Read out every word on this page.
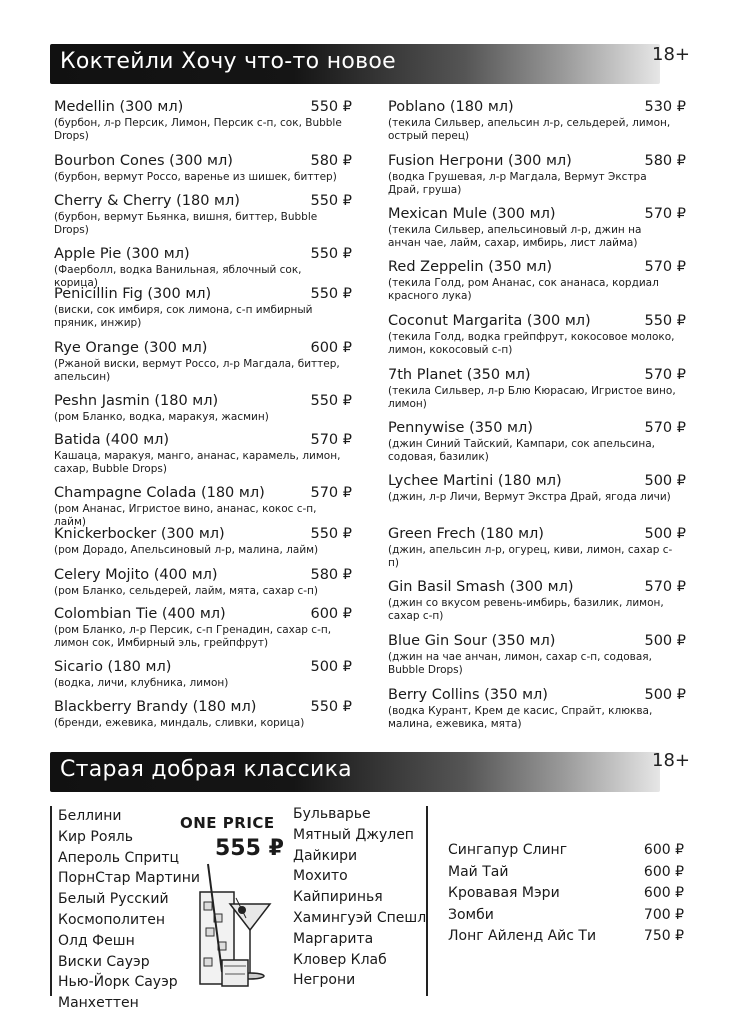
Коктейли Хочу что-то новое	18+
Medellin (300 мл)	550 ₽
(бурбон, л-р Персик, Лимон, Персик с-п, сок, Bubble Drops)
Bourbon Cones (300 мл)	580 ₽
(бурбон, вермут Россо, варенье из шишек, биттер)
Cherry & Cherry (180 мл)	550 ₽
(бурбон, вермут Бьянка, вишня, биттер, Bubble Drops)
Apple Pie (300 мл)	550 ₽
(Фаерболл, водка Ванильная, яблочный сок, корица)
Penicillin Fig (300 мл)	550 ₽
(виски, сок имбиря, сок лимона, с-п имбирный пряник, инжир)
Rye Orange (300 мл)	600 ₽
(Ржаной виски, вермут Россо, л-р Магдала, биттер, апельсин)
Peshn Jasmin (180 мл)	550 ₽
(ром Бланко, водка, маракуя, жасмин)
Batida (400 мл)	570 ₽
Кашаца, маракуя, манго, ананас, карамель, лимон, сахар, Bubble Drops)
Champagne Colada (180 мл)	570 ₽
(ром Ананас, Игристое вино, ананас, кокос с-п, лайм)
Knickerbocker (300 мл)	550 ₽
(ром Дорадо, Апельсиновый л-р, малина, лайм)
Celery Mojito (400 мл)	580 ₽
(ром Бланко, сельдерей, лайм, мята, сахар с-п)
Colombian Tie (400 мл)	600 ₽
(ром Бланко, л-р Персик, с-п Гренадин, сахар с-п, лимон сок, Имбирный эль, грейпфрут)
Sicario (180 мл)	500 ₽
(водка, личи, клубника, лимон)
Blackberry Brandy (180 мл)	550 ₽
(бренди, ежевика, миндаль, сливки, корица)
Poblano (180 мл)	530 ₽
(текила Сильвер, апельсин л-р, сельдерей, лимон, острый перец)
Fusion Негрони (300 мл)	580 ₽
(водка Грушевая, л-р Магдала, Вермут Экстра Драй, груша)
Mexican Mule (300 мл)	570 ₽
(текила Сильвер, апельсиновый л-р, джин на анчан чае, лайм, сахар, имбирь, лист лайма)
Red Zeppelin (350 мл)	570 ₽
(текила Голд, ром Ананас, сок ананаса, кордиал красного лука)
Coconut Margarita (300 мл)	550 ₽
(текила Голд, водка грейпфрут, кокосовое молоко, лимон, кокосовый с-п)
7th Planet (350 мл)	570 ₽
(текила Сильвер, л-р Блю Кюрасаю, Игристое вино, лимон)
Pennywise (350 мл)	570 ₽
(джин Синий Тайский, Кампари, сок апельсина, содовая, базилик)
Lychee Martini (180 мл)	500 ₽
(джин, л-р Личи, Вермут Экстра Драй, ягода личи)
Green Frech (180 мл)	500 ₽
(джин, апельсин л-р, огурец, киви, лимон, сахар с-п)
Gin Basil Smash (300 мл)	570 ₽
(джин со вкусом ревень-имбирь, базилик, лимон, сахар с-п)
Blue Gin Sour (350 мл)	500 ₽
(джин на чае анчан, лимон, сахар с-п, содовая, Bubble Drops)
Berry Collins (350 мл)	500 ₽
(водка Курант, Крем де касис, Спрайт, клюква, малина, ежевика, мята)
Старая добрая классика	18+
Беллини
Кир Рояль
Апероль Спритц
ПорнСтар Мартини
Белый Русский
Космополитен
Олд Фешн
Виски Сауэр
Нью-Йорк Сауэр
Манхеттен
ONE PRICE
555 ₽
Бульварье
Мятный Джулеп
Дайкири
Мохито
Кайпиринья
Хамингуэй Спешл
Маргарита
Кловер Клаб
Негрони
Сингапур Слинг	600 ₽
Май Тай	600 ₽
Кровавая Мэри	600 ₽
Зомби	700 ₽
Лонг Айленд Айс Ти	750 ₽
